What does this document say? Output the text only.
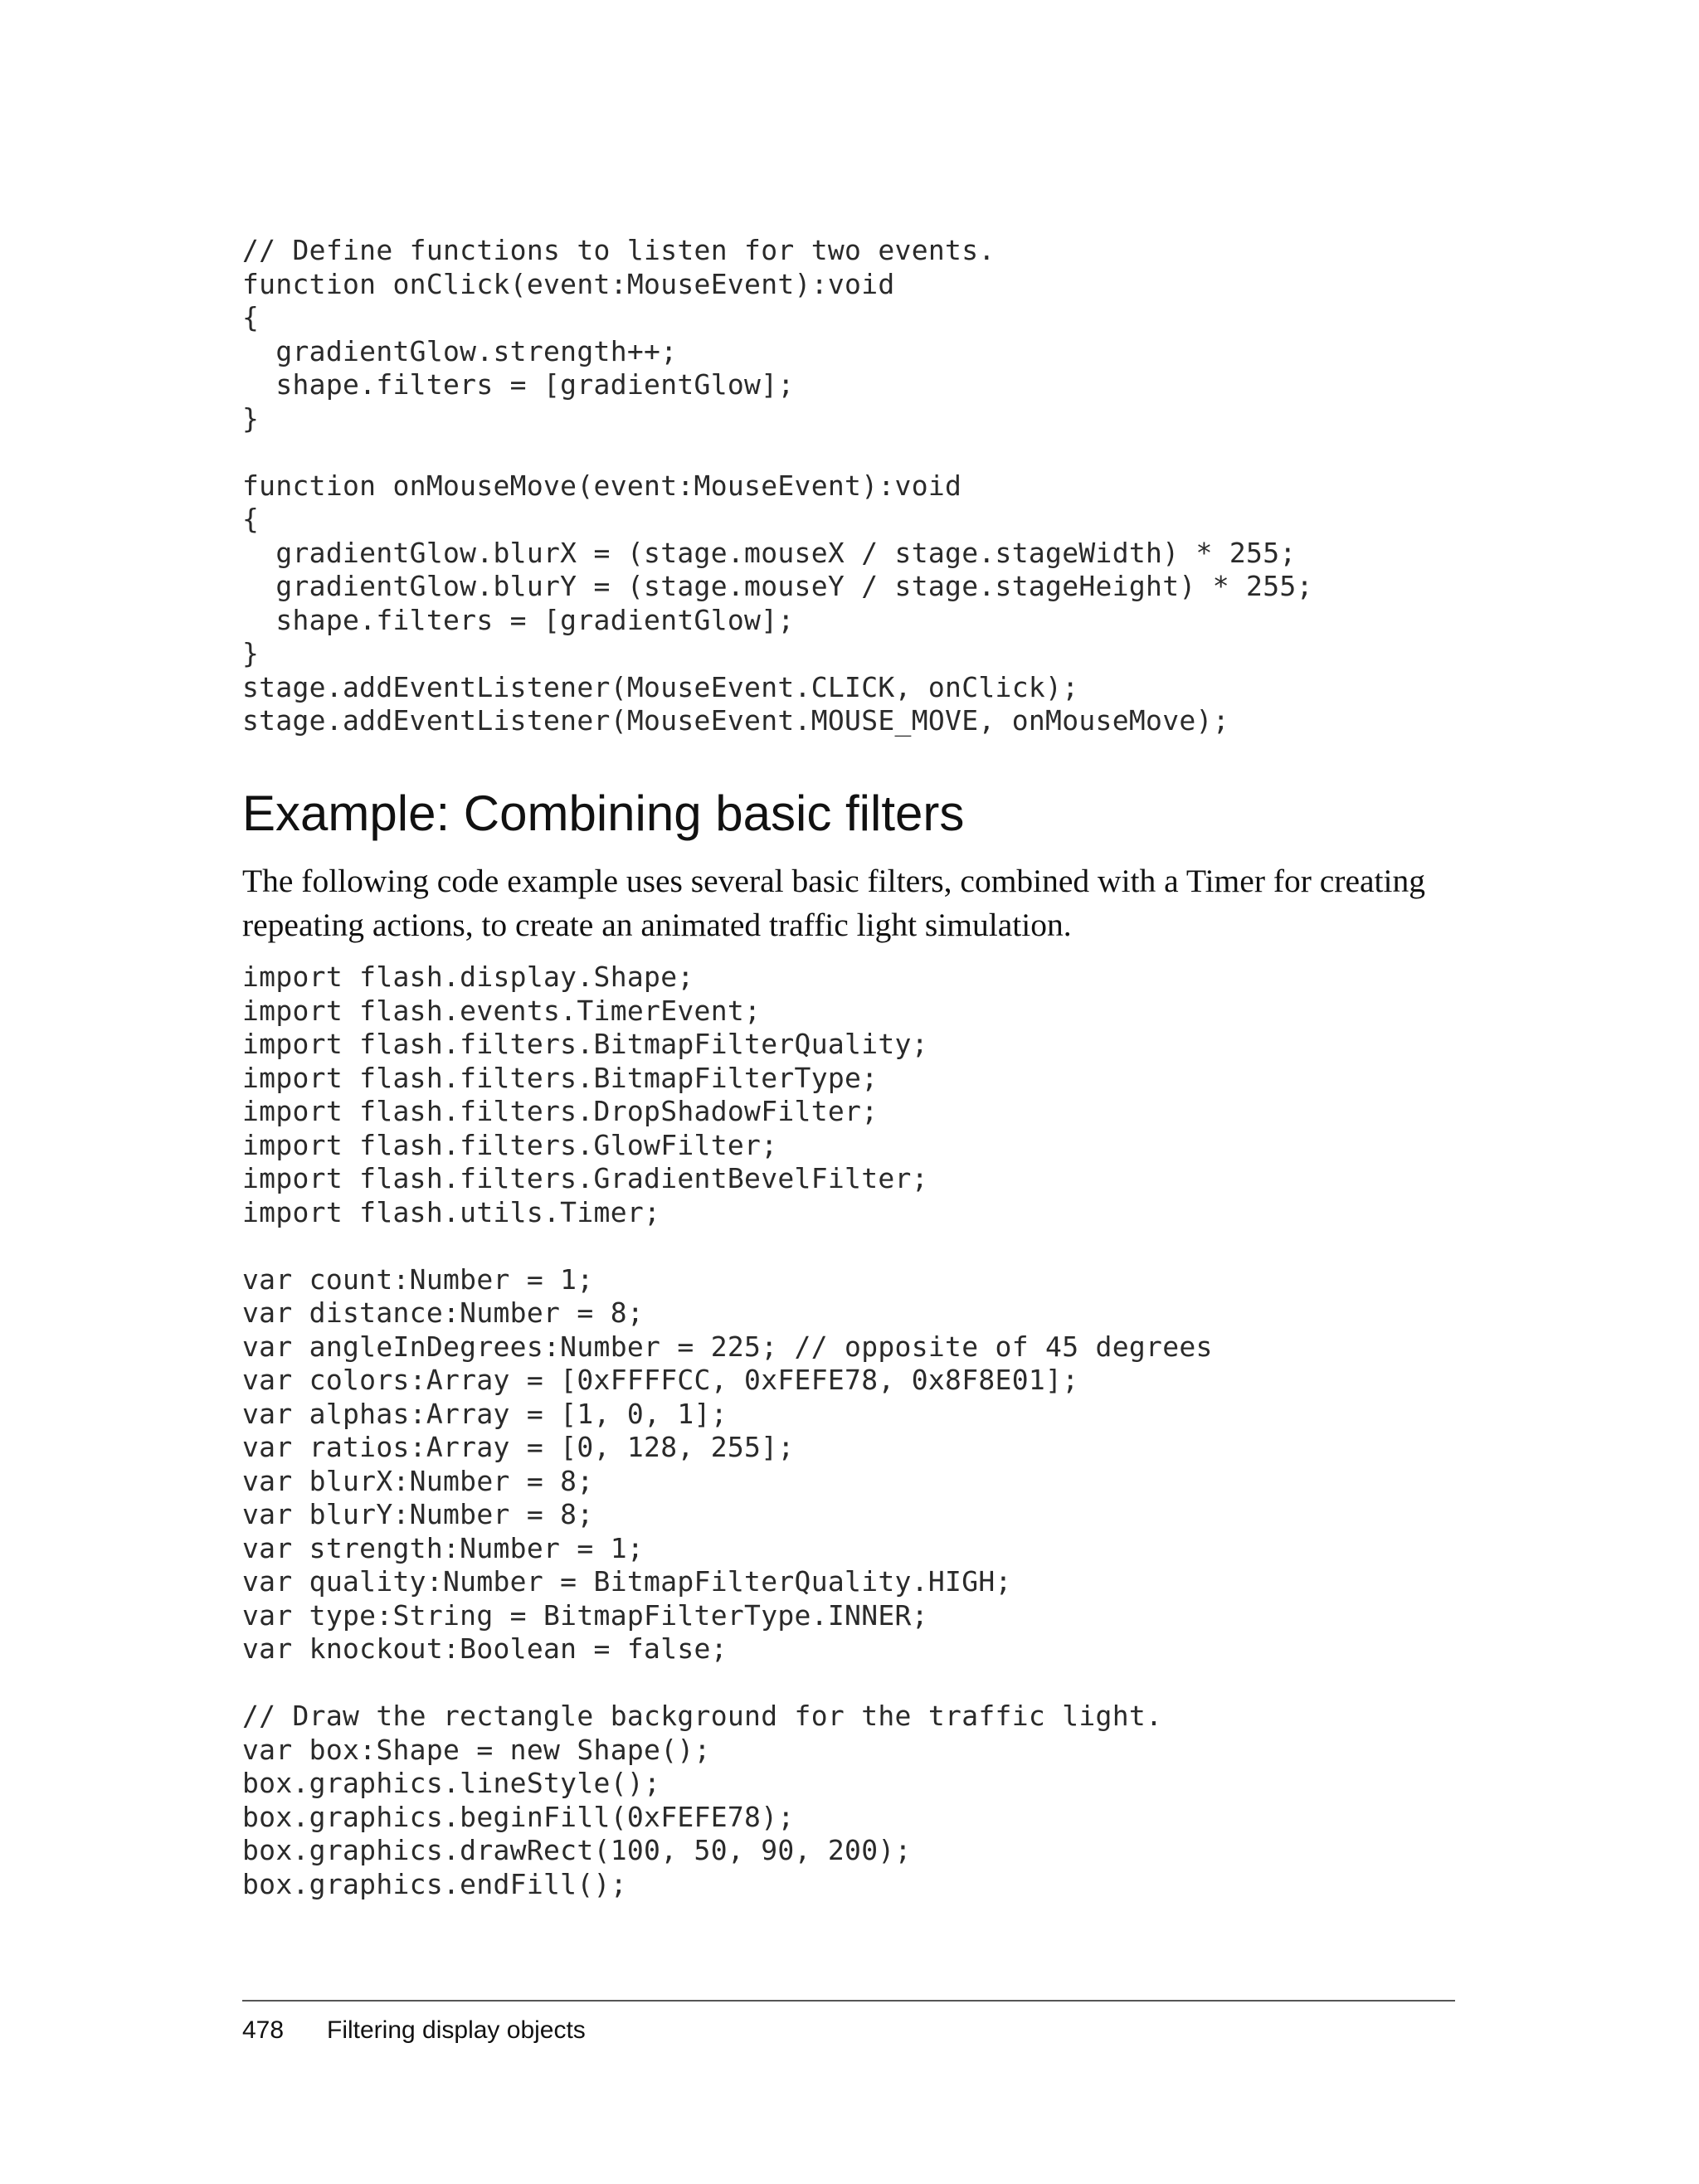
// Define functions to listen for two events.
function onClick(event:MouseEvent):void
{
gradientGlow.strength++;
shape.filters = [gradientGlow];
}
function onMouseMove(event:MouseEvent):void
{
gradientGlow.blurX = (stage.mouseX / stage.stageWidth) * 255;
gradientGlow.blurY = (stage.mouseY / stage.stageHeight) * 255;
shape.filters = [gradientGlow];
}
stage.addEventListener(MouseEvent.CLICK, onClick);
stage.addEventListener(MouseEvent.MOUSE_MOVE, onMouseMove);
Example: Combining basic filters

The following code example uses several basic filters, combined with a Timer for creating repeating actions, to create an animated traffic light simulation.

import flash.display.Shape;
import flash.events.TimerEvent;
import flash.filters.BitmapFilterQuality;
import flash.filters.BitmapFilterType;
import flash.filters.DropShadowFilter;
import flash.filters.GlowFilter;
import flash.filters.GradientBevelFilter;
import flash.utils.Timer;
var count:Number = 1;
var distance:Number = 8;
var angleInDegrees:Number = 225; // opposite of 45 degrees
var colors:Array = [0xFFFFCC, 0xFEFE78, 0x8F8E01];
var alphas:Array = [1, 0, 1];
var ratios:Array = [0, 128, 255];
var blurX:Number = 8;
var blurY:Number = 8;
var strength:Number = 1;
var quality:Number = BitmapFilterQuality.HIGH;
var type:String = BitmapFilterType.INNER;
var knockout:Boolean = false;
// Draw the rectangle background for the traffic light.
var box:Shape = new Shape();
box.graphics.lineStyle();
box.graphics.beginFill(0xFEFE78);
box.graphics.drawRect(100, 50, 90, 200);
box.graphics.endFill();
478 Filtering display objects
